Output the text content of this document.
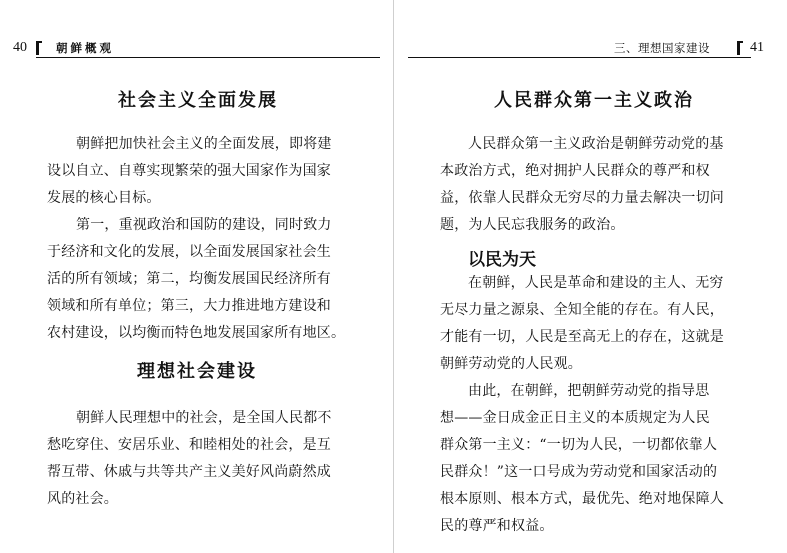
40	朝鲜概观
社会主义全面发展
朝鲜把加快社会主义的全面发展，即将建
设以自立、自尊实现繁荣的强大国家作为国家
发展的核心目标。
第一，重视政治和国防的建设，同时致力
于经济和文化的发展，以全面发展国家社会生
活的所有领域；第二，均衡发展国民经济所有
领域和所有单位；第三，大力推进地方建设和
农村建设，以均衡而特色地发展国家所有地区。
理想社会建设
朝鲜人民理想中的社会，是全国人民都不
愁吃穿住、安居乐业、和睦相处的社会，是互
帮互带、休戚与共等共产主义美好风尚蔚然成
风的社会。
三、理想国家建设	41
人民群众第一主义政治
人民群众第一主义政治是朝鲜劳动党的基
本政治方式，绝对拥护人民群众的尊严和权
益，依靠人民群众无穷尽的力量去解决一切问
题，为人民忘我服务的政治。
以民为天
在朝鲜，人民是革命和建设的主人、无穷
无尽力量之源泉、全知全能的存在。有人民，
才能有一切，人民是至高无上的存在，这就是
朝鲜劳动党的人民观。
由此，在朝鲜，把朝鲜劳动党的指导思
想——金日成金正日主义的本质规定为人民
群众第一主义：“一切为人民，一切都依靠人
民群众！”这一口号成为劳动党和国家活动的
根本原则、根本方式，最优先、绝对地保障人
民的尊严和权益。
